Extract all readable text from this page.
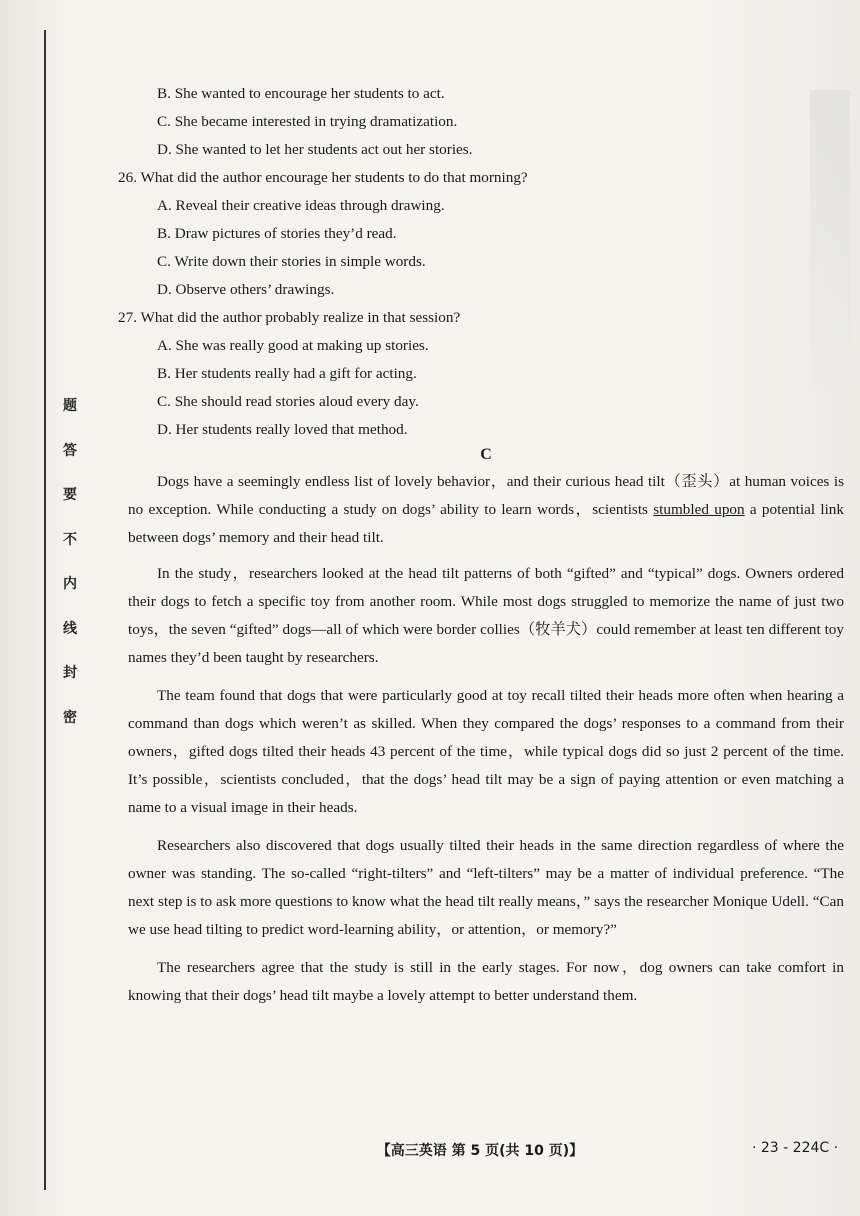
题
答
要
不
内
线
封
密
B. She wanted to encourage her students to act.
C. She became interested in trying dramatization.
D. She wanted to let her students act out her stories.
26. What did the author encourage her students to do that morning?
A. Reveal their creative ideas through drawing.
B. Draw pictures of stories they’d read.
C. Write down their stories in simple words.
D. Observe others’ drawings.
27. What did the author probably realize in that session?
A. She was really good at making up stories.
B. Her students really had a gift for acting.
C. She should read stories aloud every day.
D. Her students really loved that method.
C

Dogs have a seemingly endless list of lovely behavior，and their curious head tilt（歪头）at human voices is no exception. While conducting a study on dogs’ ability to learn words，scientists stumbled upon a potential link between dogs’ memory and their head tilt.

In the study，researchers looked at the head tilt patterns of both “gifted” and “typical” dogs. Owners ordered their dogs to fetch a specific toy from another room. While most dogs struggled to memorize the name of just two toys，the seven “gifted” dogs—all of which were border collies（牧羊犬）could remember at least ten different toy names they’d been taught by researchers.

The team found that dogs that were particularly good at toy recall tilted their heads more often when hearing a command than dogs which weren’t as skilled. When they compared the dogs’ responses to a command from their owners，gifted dogs tilted their heads 43 percent of the time，while typical dogs did so just 2 percent of the time. It’s possible，scientists concluded，that the dogs’ head tilt may be a sign of paying attention or even matching a name to a visual image in their heads.

Researchers also discovered that dogs usually tilted their heads in the same direction regardless of where the owner was standing. The so-called “right-tilters” and “left-tilters” may be a matter of individual preference. “The next step is to ask more questions to know what the head tilt really means，” says the researcher Monique Udell. “Can we use head tilting to predict word-learning ability，or attention，or memory?”

The researchers agree that the study is still in the early stages. For now，dog owners can take comfort in knowing that their dogs’ head tilt maybe a lovely attempt to better understand them.

【高三英语 第 5 页(共 10 页)】	· 23 - 224C ·
